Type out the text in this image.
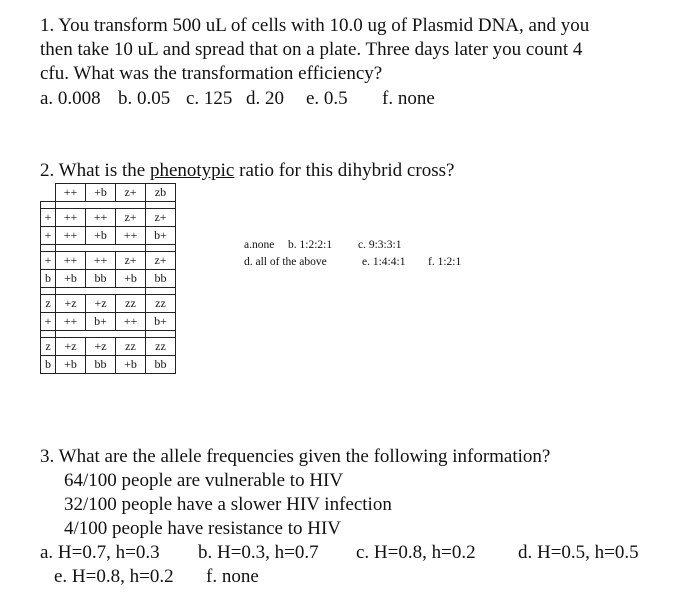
1. You transform 500 uL of cells with 10.0 ug of Plasmid DNA, and you
then take 10 uL and spread that on a plate. Three days later you count 4
cfu. What was the transformation efficiency?
a. 0.008 b. 0.05 c. 125 d. 20 e. 0.5 f. none
2. What is the phenotypic ratio for this dihybrid cross?
	++	+b	z+	zb

+	++	++	z+	z+
+	++	+b	++	b+

+	++	++	z+	z+
b	+b	bb	+b	bb

z	+z	+z	zz	zz
+	++	b+	++	b+

z	+z	+z	zz	zz
b	+b	bb	+b	bb
a.none b. 1:2:2:1 c. 9:3:3:1
d. all of the above	e. 1:4:4:1 f. 1:2:1
3. What are the allele frequencies given the following information?
64/100 people are vulnerable to HIV
32/100 people have a slower HIV infection
4/100 people have resistance to HIV
a. H=0.7, h=0.3 b. H=0.3, h=0.7 c. H=0.8, h=0.2 d. H=0.5, h=0.5
e. H=0.8, h=0.2 f. none
